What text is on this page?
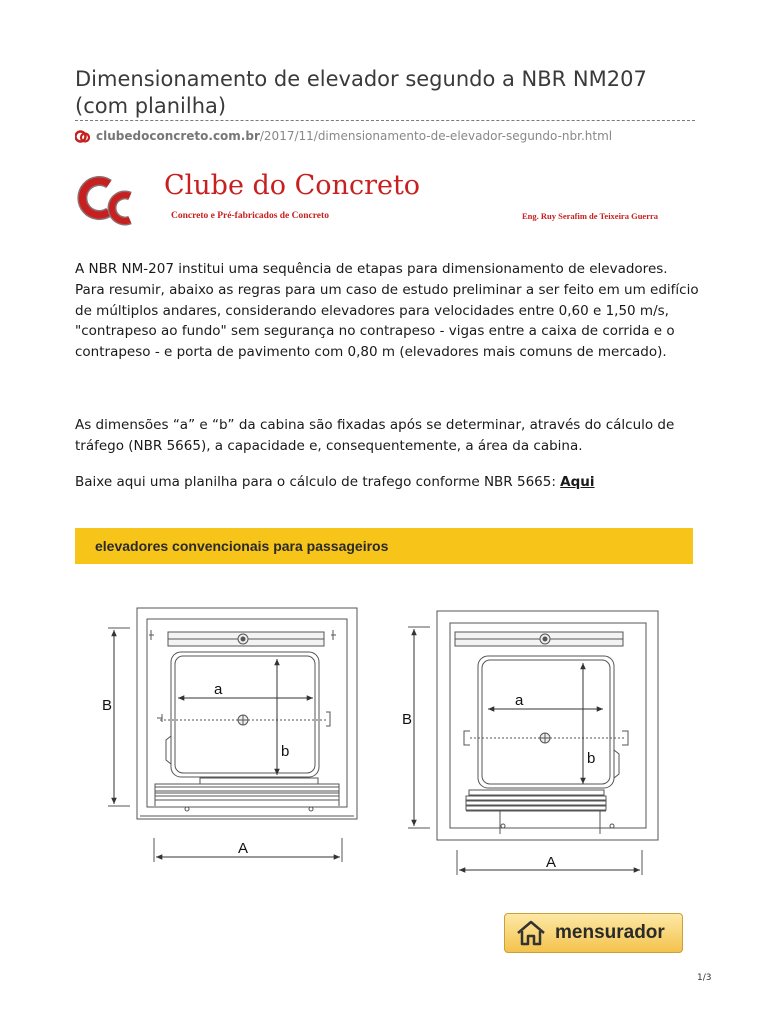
Dimensionamento de elevador segundo a NBR NM207 (com planilha)
clubedoconcreto.com.br/2017/11/dimensionamento-de-elevador-segundo-nbr.html
Clube do Concreto
Concreto e Pré-fabricados de Concreto	Eng. Ruy Serafim de Teixeira Guerra

A NBR NM-207 institui uma sequência de etapas para dimensionamento de elevadores. Para resumir, abaixo as regras para um caso de estudo preliminar a ser feito em um edifício de múltiplos andares, considerando elevadores para velocidades entre 0,60 e 1,50 m/s, "contrapeso ao fundo" sem segurança no contrapeso - vigas entre a caixa de corrida e o contrapeso - e porta de pavimento com 0,80 m (elevadores mais comuns de mercado).

As dimensões “a” e “b” da cabina são fixadas após se determinar, através do cálculo de tráfego (NBR 5665), a capacidade e, consequentemente, a área da cabina.

Baixe aqui uma planilha para o cálculo de trafego conforme NBR 5665: Aqui

elevadores convencionais para passageiros
B
A
a
b
B
A
a
b
mensurador
1/3
